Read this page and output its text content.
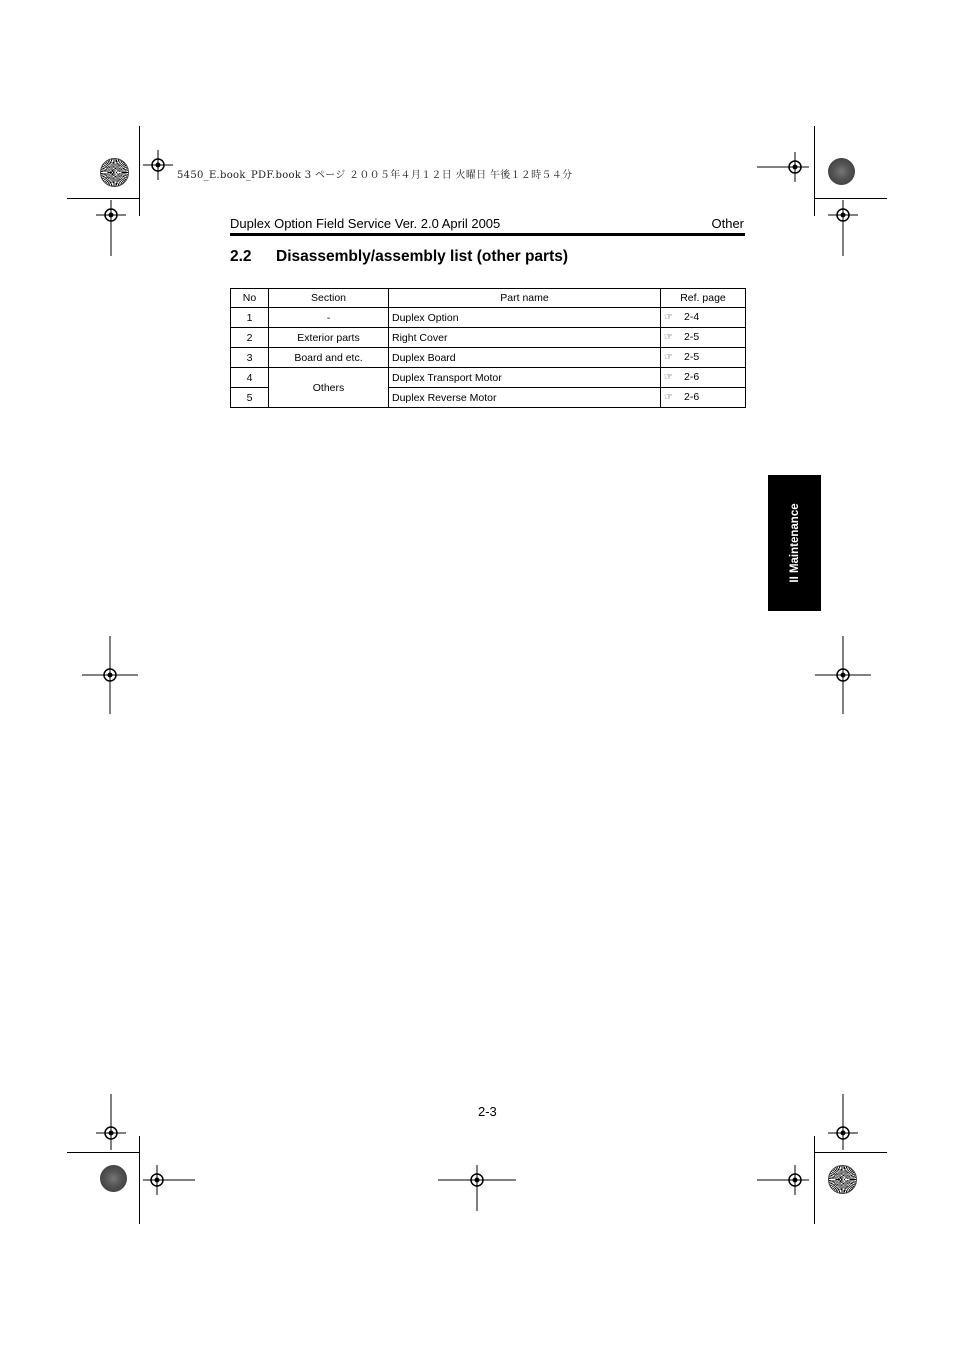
5450_E.book_PDF.book 3 ページ ２００５年４月１２日 火曜日 午後１２時５４分
Duplex Option Field Service Ver. 2.0 April 2005	Other
2.2 Disassembly/assembly list (other parts)
No	Section	Part name	Ref. page
1	-	Duplex Option	☞ 2-4
2	Exterior parts	Right Cover	☞ 2-5
3	Board and etc.	Duplex Board	☞ 2-5
4	Others	Duplex Transport Motor	☞ 2-6
5		Duplex Reverse Motor	☞ 2-6
II Maintenance
2-3
